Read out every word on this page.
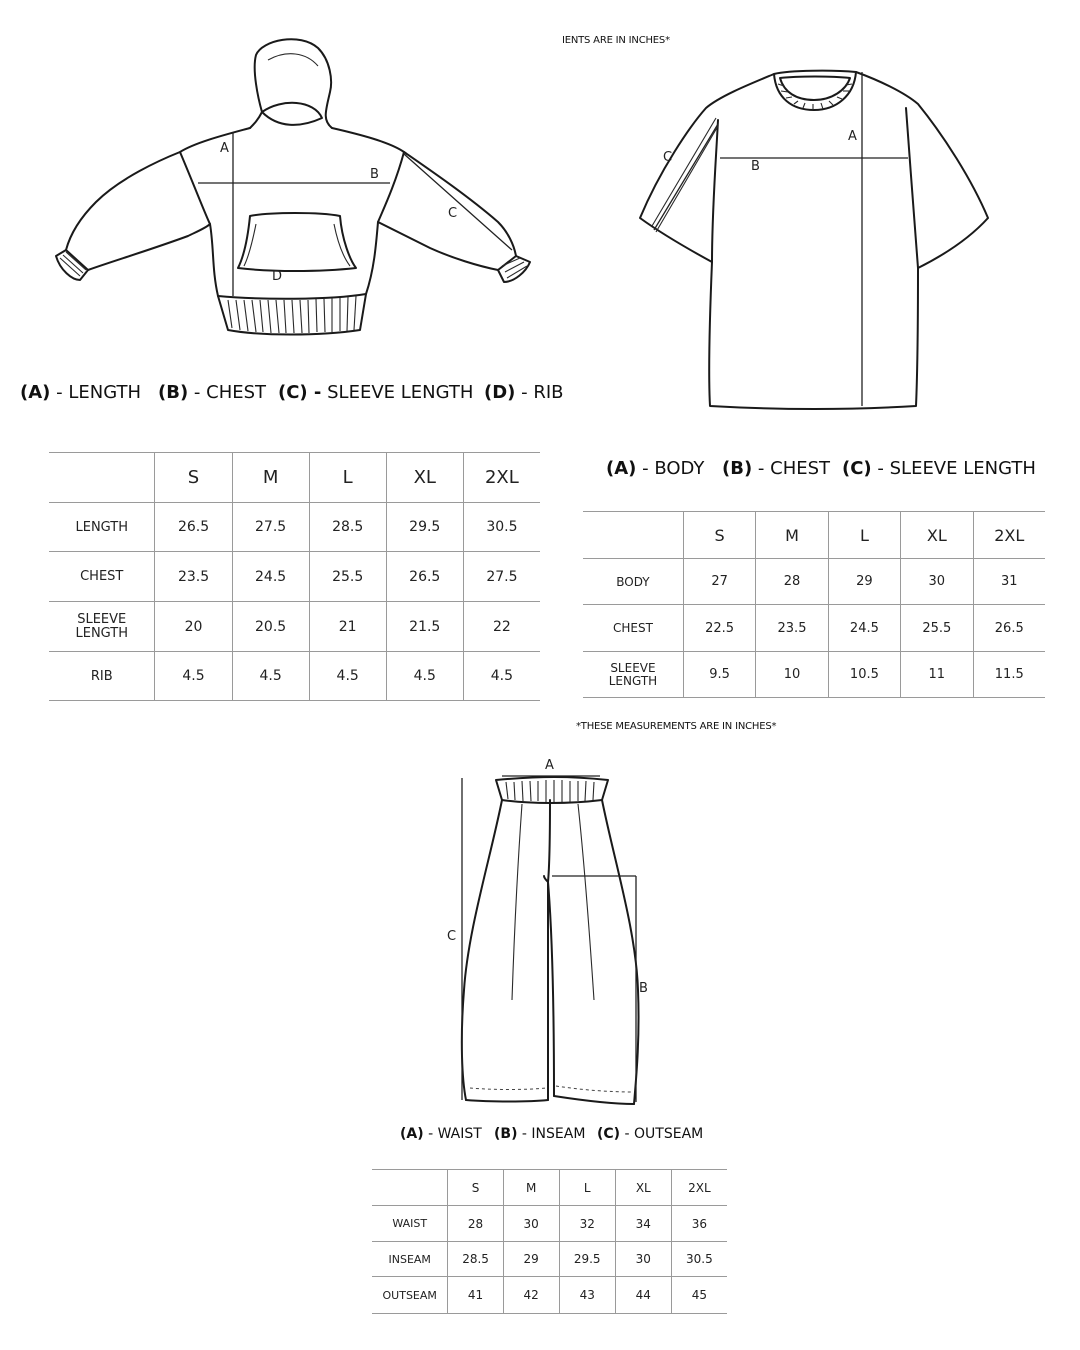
A
B
C
D
(A) - LENGTH (B) - CHEST (C) - SLEEVE LENGTH (D) - RIB
	S	M	L	XL	2XL
LENGTH	26.5	27.5	28.5	29.5	30.5
CHEST	23.5	24.5	25.5	26.5	27.5
SLEEVE LENGTH	20	20.5	21	21.5	22
RIB	4.5	4.5	4.5	4.5	4.5
IENTS ARE IN INCHES*
A
B
C
(A) - BODY (B) - CHEST (C) - SLEEVE LENGTH
	S	M	L	XL	2XL
BODY	27	28	29	30	31
CHEST	22.5	23.5	24.5	25.5	26.5
SLEEVE LENGTH	9.5	10	10.5	11	11.5
*THESE MEASUREMENTS ARE IN INCHES*
A
B
C
(A) - WAIST (B) - INSEAM (C) - OUTSEAM
	S	M	L	XL	2XL
WAIST	28	30	32	34	36
INSEAM	28.5	29	29.5	30	30.5
OUTSEAM	41	42	43	44	45
